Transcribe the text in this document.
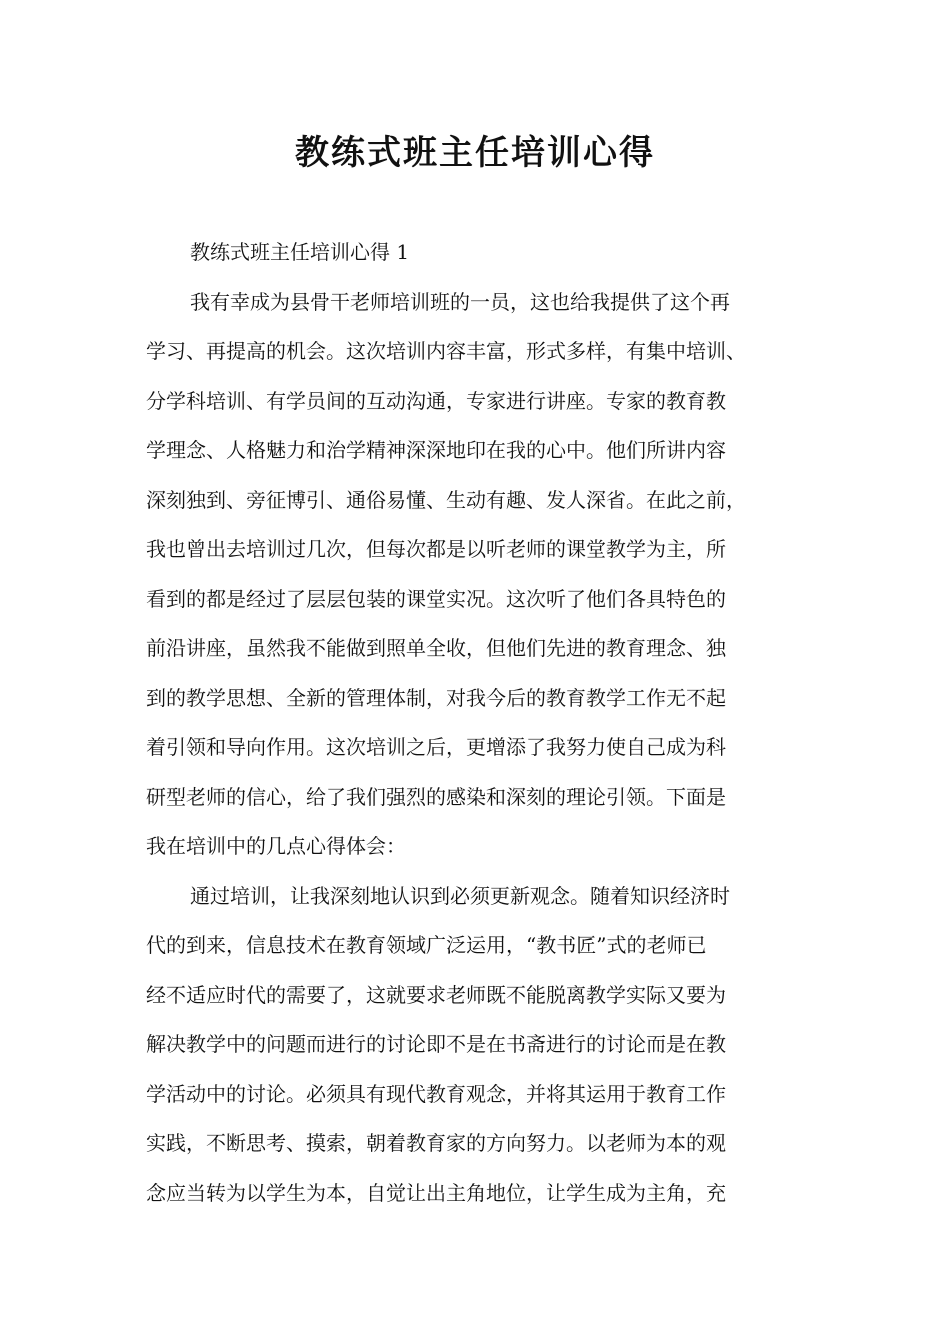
教练式班主任培训心得

教练式班主任培训心得 1

我有幸成为县骨干老师培训班的一员，这也给我提供了这个再
学习、再提高的机会。这次培训内容丰富，形式多样，有集中培训、
分学科培训、有学员间的互动沟通，专家进行讲座。专家的教育教
学理念、人格魅力和治学精神深深地印在我的心中。他们所讲内容
深刻独到、旁征博引、通俗易懂、生动有趣、发人深省。在此之前，
我也曾出去培训过几次，但每次都是以听老师的课堂教学为主，所
看到的都是经过了层层包装的课堂实况。这次听了他们各具特色的
前沿讲座，虽然我不能做到照单全收，但他们先进的教育理念、独
到的教学思想、全新的管理体制，对我今后的教育教学工作无不起
着引领和导向作用。这次培训之后，更增添了我努力使自己成为科
研型老师的信心，给了我们强烈的感染和深刻的理论引领。下面是
我在培训中的几点心得体会：

通过培训，让我深刻地认识到必须更新观念。随着知识经济时
代的到来，信息技术在教育领域广泛运用，“教书匠”式的老师已
经不适应时代的需要了，这就要求老师既不能脱离教学实际又要为
解决教学中的问题而进行的讨论即不是在书斋进行的讨论而是在教
学活动中的讨论。必须具有现代教育观念，并将其运用于教育工作
实践，不断思考、摸索，朝着教育家的方向努力。以老师为本的观
念应当转为以学生为本，自觉让出主角地位，让学生成为主角，充
